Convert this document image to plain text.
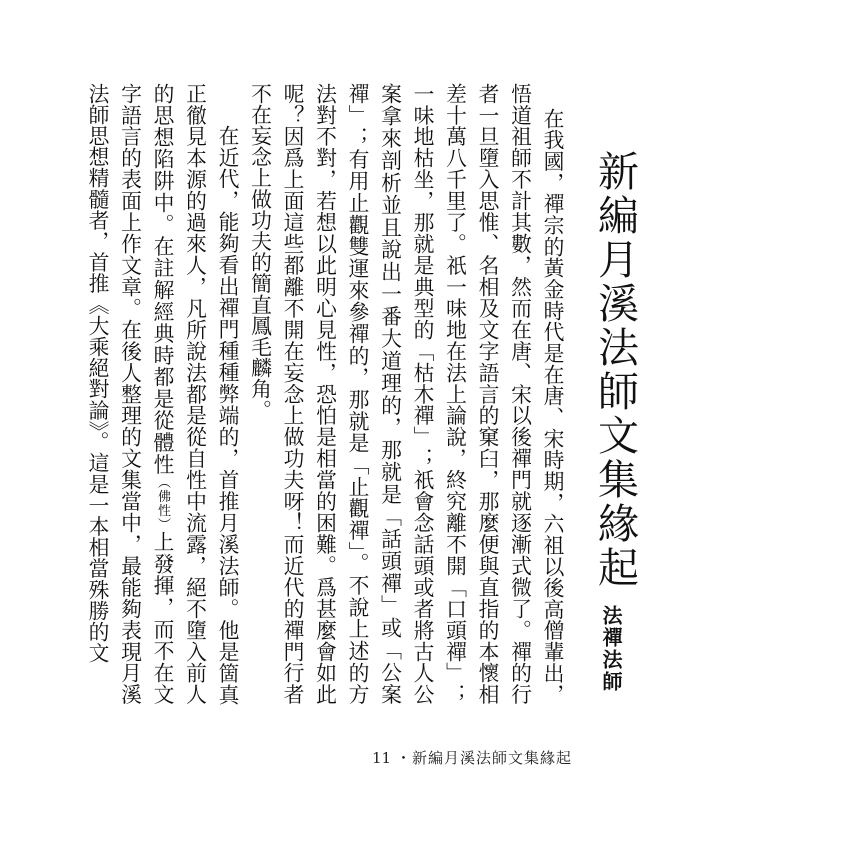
新編月溪法師文集緣起
法禪法師

在我國，禪宗的黃金時代是在唐、宋時期，六祖以後高僧輩出，悟道祖師不計其數，然而在唐、宋以後禪門就逐漸式微了。禪的行者一旦墮入思惟、名相及文字語言的窠臼，那麼便與直指的本懷相差十萬八千里了。祇一味地在法上論說，終究離不開「口頭禪」；一味地枯坐，那就是典型的「枯木禪」；祇會念話頭或者將古人公案拿來剖析並且說出一番大道理的，那就是「話頭禪」或「公案禪」；有用止觀雙運來參禪的，那就是「止觀禪」。不說上述的方法對不對，若想以此明心見性，恐怕是相當的困難。爲甚麼會如此呢？因爲上面這些都離不開在妄念上做功夫呀！而近代的禪門行者不在妄念上做功夫的簡直鳳毛麟角。

在近代，能夠看出禪門種種弊端的，首推月溪法師。他是箇真正徹見本源的過來人，凡所說法都是從自性中流露，絕不墮入前人的思想陷阱中。在註解經典時都是從體性（佛性）上發揮，而不在文字語言的表面上作文章。在後人整理的文集當中，最能夠表現月溪法師思想精髓者，首推《大乘絕對論》。這是一本相當殊勝的文

11 ・新編月溪法師文集緣起
